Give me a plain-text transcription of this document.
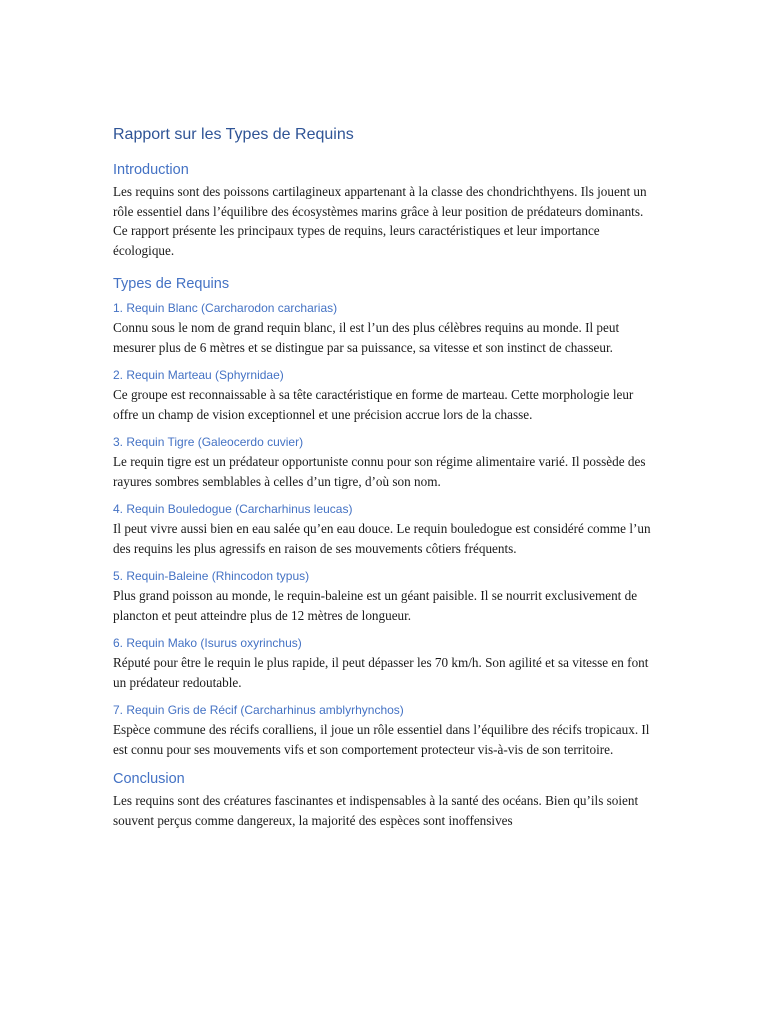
Rapport sur les Types de Requins
Introduction

Les requins sont des poissons cartilagineux appartenant à la classe des chondrichthyens. Ils jouent un rôle essentiel dans l’équilibre des écosystèmes marins grâce à leur position de prédateurs dominants. Ce rapport présente les principaux types de requins, leurs caractéristiques et leur importance écologique.

Types de Requins
1. Requin Blanc (Carcharodon carcharias)

Connu sous le nom de grand requin blanc, il est l’un des plus célèbres requins au monde. Il peut mesurer plus de 6 mètres et se distingue par sa puissance, sa vitesse et son instinct de chasseur.

2. Requin Marteau (Sphyrnidae)

Ce groupe est reconnaissable à sa tête caractéristique en forme de marteau. Cette morphologie leur offre un champ de vision exceptionnel et une précision accrue lors de la chasse.

3. Requin Tigre (Galeocerdo cuvier)

Le requin tigre est un prédateur opportuniste connu pour son régime alimentaire varié. Il possède des rayures sombres semblables à celles d’un tigre, d’où son nom.

4. Requin Bouledogue (Carcharhinus leucas)

Il peut vivre aussi bien en eau salée qu’en eau douce. Le requin bouledogue est considéré comme l’un des requins les plus agressifs en raison de ses mouvements côtiers fréquents.

5. Requin-Baleine (Rhincodon typus)

Plus grand poisson au monde, le requin-baleine est un géant paisible. Il se nourrit exclusivement de plancton et peut atteindre plus de 12 mètres de longueur.

6. Requin Mako (Isurus oxyrinchus)

Réputé pour être le requin le plus rapide, il peut dépasser les 70 km/h. Son agilité et sa vitesse en font un prédateur redoutable.

7. Requin Gris de Récif (Carcharhinus amblyrhynchos)

Espèce commune des récifs coralliens, il joue un rôle essentiel dans l’équilibre des récifs tropicaux. Il est connu pour ses mouvements vifs et son comportement protecteur vis-à-vis de son territoire.

Conclusion

Les requins sont des créatures fascinantes et indispensables à la santé des océans. Bien qu’ils soient souvent perçus comme dangereux, la majorité des espèces sont inoffensives
